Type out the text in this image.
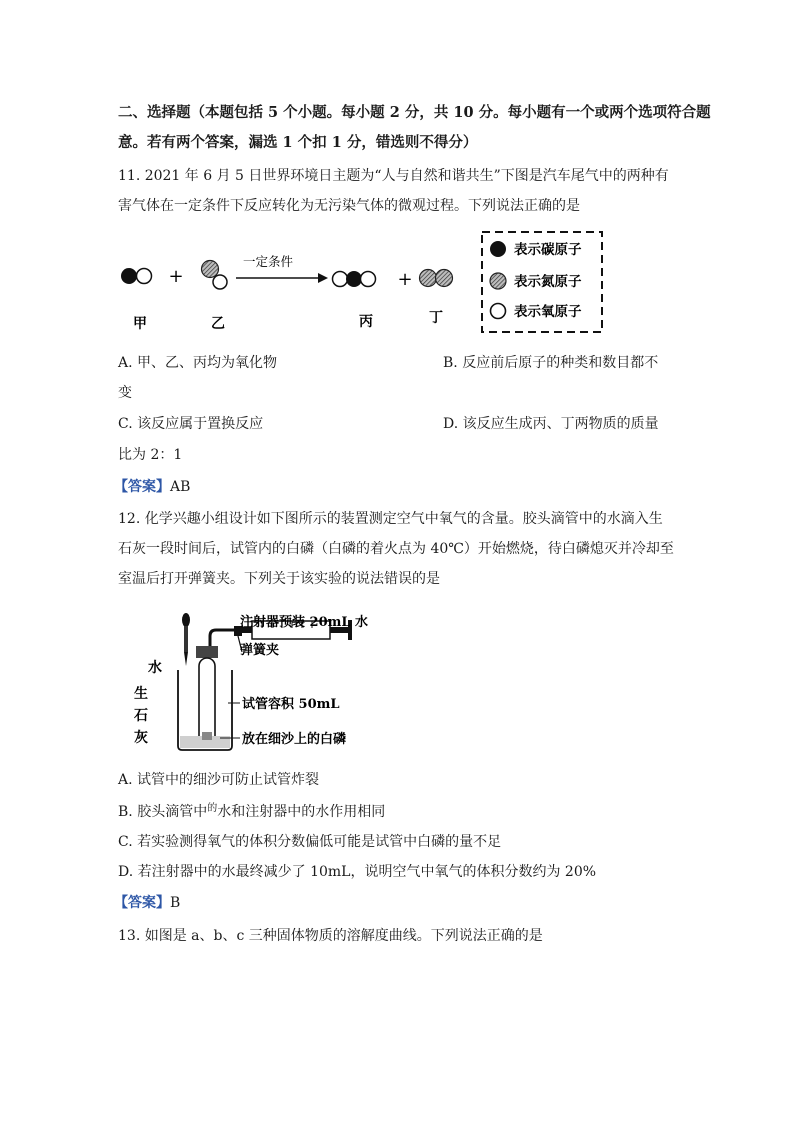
二、选择题（本题包括 5 个小题。每小题 2 分，共 10 分。每小题有一个或两个选项符合题
意。若有两个答案，漏选 1 个扣 1 分，错选则不得分）
11. 2021 年 6 月 5 日世界环境日主题为“人与自然和谐共生”下图是汽车尾气中的两种有
害气体在一定条件下反应转化为无污染气体的微观过程。下列说法正确的是
+
一定条件
+
甲	乙	丙	丁
表示碳原子
表示氮原子
表示氧原子
A. 甲、乙、丙均为氧化物	B. 反应前后原子的种类和数目都不
变
C. 该反应属于置换反应	D. 该反应生成丙、丁两物质的质量
比为 2：1
【答案】AB
12. 化学兴趣小组设计如下图所示的装置测定空气中氧气的含量。胶头滴管中的水滴入生
石灰一段时间后，试管内的白磷（白磷的着火点为 40℃）开始燃烧，待白磷熄灭并冷却至
室温后打开弹簧夹。下列关于该实验的说法错误的是
注射器预装 20mL 水
弹簧夹
水
试管容积 50mL
生
石
灰	放在细沙上的白磷
A. 试管中的细沙可防止试管炸裂
B. 胶头滴管中$^的$水和注射器中的水作用相同
C. 若实验测得氧气的体积分数偏低可能是试管中白磷的量不足
D. 若注射器中的水最终减少了 10mL，说明空气中氧气的体积分数约为 20%
【答案】B
13. 如图是 a、b、c 三种固体物质的溶解度曲线。下列说法正确的是
